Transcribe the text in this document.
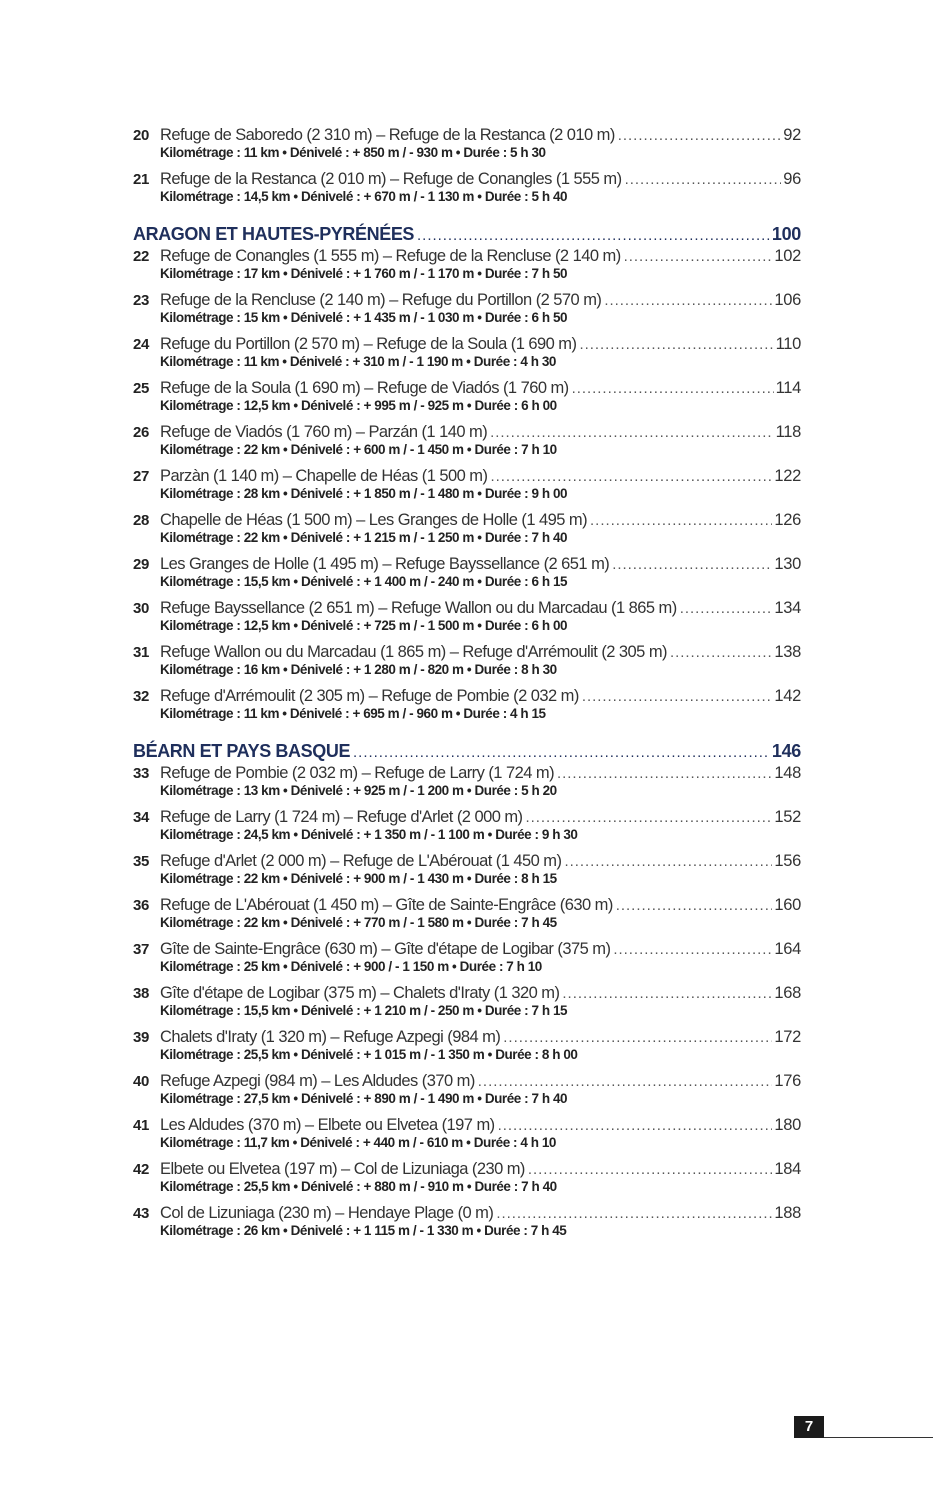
20 Refuge de Saboredo (2 310 m) – Refuge de la Restanca (2 010 m) . . .	92
Kilométrage : 11 km • Dénivelé : + 850 m / - 930 m • Durée : 5 h 30
21 Refuge de la Restanca (2 010 m) – Refuge de Conangles (1 555 m) . . .	96
Kilométrage : 14,5 km • Dénivelé : + 670 m / - 1 130 m • Durée : 5 h 40
ARAGON ET HAUTES-PYRÉNÉES . . .	100
22 Refuge de Conangles (1 555 m) – Refuge de la Rencluse (2 140 m) . . .	102
Kilométrage : 17 km • Dénivelé : + 1 760 m / - 1 170 m • Durée : 7 h 50
23 Refuge de la Rencluse (2 140 m) – Refuge du Portillon (2 570 m) . . .	106
Kilométrage : 15 km • Dénivelé : + 1 435 m / - 1 030 m • Durée : 6 h 50
24 Refuge du Portillon (2 570 m) – Refuge de la Soula (1 690 m) . . .	110
Kilométrage : 11 km • Dénivelé : + 310 m / - 1 190 m • Durée : 4 h 30
25 Refuge de la Soula (1 690 m) – Refuge de Viadós (1 760 m) . . .	114
Kilométrage : 12,5 km • Dénivelé : + 995 m / - 925 m • Durée : 6 h 00
26 Refuge de Viadós (1 760 m) – Parzán (1 140 m) . . .	118
Kilométrage : 22 km • Dénivelé : + 600 m / - 1 450 m • Durée : 7 h 10
27 Parzàn (1 140 m) – Chapelle de Héas (1 500 m) . . .	122
Kilométrage : 28 km • Dénivelé : + 1 850 m / - 1 480 m • Durée : 9 h 00
28 Chapelle de Héas (1 500 m) – Les Granges de Holle (1 495 m) . . .	126
Kilométrage : 22 km • Dénivelé : + 1 215 m / - 1 250 m • Durée : 7 h 40
29 Les Granges de Holle (1 495 m) – Refuge Bayssellance (2 651 m) . . .	130
Kilométrage : 15,5 km • Dénivelé : + 1 400 m / - 240 m • Durée : 6 h 15
30 Refuge Bayssellance (2 651 m) – Refuge Wallon ou du Marcadau (1 865 m) . . .	134
Kilométrage : 12,5 km • Dénivelé : + 725 m / - 1 500 m • Durée : 6 h 00
31 Refuge Wallon ou du Marcadau (1 865 m) – Refuge d'Arrémoulit (2 305 m) . . .	138
Kilométrage : 16 km • Dénivelé : + 1 280 m / - 820 m • Durée : 8 h 30
32 Refuge d'Arrémoulit (2 305 m) – Refuge de Pombie (2 032 m) . . .	142
Kilométrage : 11 km • Dénivelé : + 695 m / - 960 m • Durée : 4 h 15
BÉARN ET PAYS BASQUE . . .	146
33 Refuge de Pombie (2 032 m) – Refuge de Larry (1 724 m) . . .	148
Kilométrage : 13 km • Dénivelé : + 925 m / - 1 200 m • Durée : 5 h 20
34 Refuge de Larry (1 724 m) – Refuge d'Arlet (2 000 m) . . .	152
Kilométrage : 24,5 km • Dénivelé : + 1 350 m / - 1 100 m • Durée : 9 h 30
35 Refuge d'Arlet (2 000 m) – Refuge de L'Abérouat (1 450 m) . . .	156
Kilométrage : 22 km • Dénivelé : + 900 m / - 1 430 m • Durée : 8 h 15
36 Refuge de L'Abérouat (1 450 m) – Gîte de Sainte-Engrâce (630 m) . . .	160
Kilométrage : 22 km • Dénivelé : + 770 m / - 1 580 m • Durée : 7 h 45
37 Gîte de Sainte-Engrâce (630 m) – Gîte d'étape de Logibar (375 m) . . .	164
Kilométrage : 25 km • Dénivelé : + 900 / - 1 150 m • Durée : 7 h 10
38 Gîte d'étape de Logibar (375 m) – Chalets d'Iraty (1 320 m) . . .	168
Kilométrage : 15,5 km • Dénivelé : + 1 210 m / - 250 m • Durée : 7 h 15
39 Chalets d'Iraty (1 320 m) – Refuge Azpegi (984 m) . . .	172
Kilométrage : 25,5 km • Dénivelé : + 1 015 m / - 1 350 m • Durée : 8 h 00
40 Refuge Azpegi (984 m) – Les Aldudes (370 m) . . .	176
Kilométrage : 27,5 km • Dénivelé : + 890 m / - 1 490 m • Durée : 7 h 40
41 Les Aldudes (370 m) – Elbete ou Elvetea (197 m) . . .	180
Kilométrage : 11,7 km • Dénivelé : + 440 m / - 610 m • Durée : 4 h 10
42 Elbete ou Elvetea (197 m) – Col de Lizuniaga (230 m) . . .	184
Kilométrage : 25,5 km • Dénivelé : + 880 m / - 910 m • Durée : 7 h 40
43 Col de Lizuniaga (230 m) – Hendaye Plage (0 m) . . .	188
Kilométrage : 26 km • Dénivelé : + 1 115 m / - 1 330 m • Durée : 7 h 45
7
